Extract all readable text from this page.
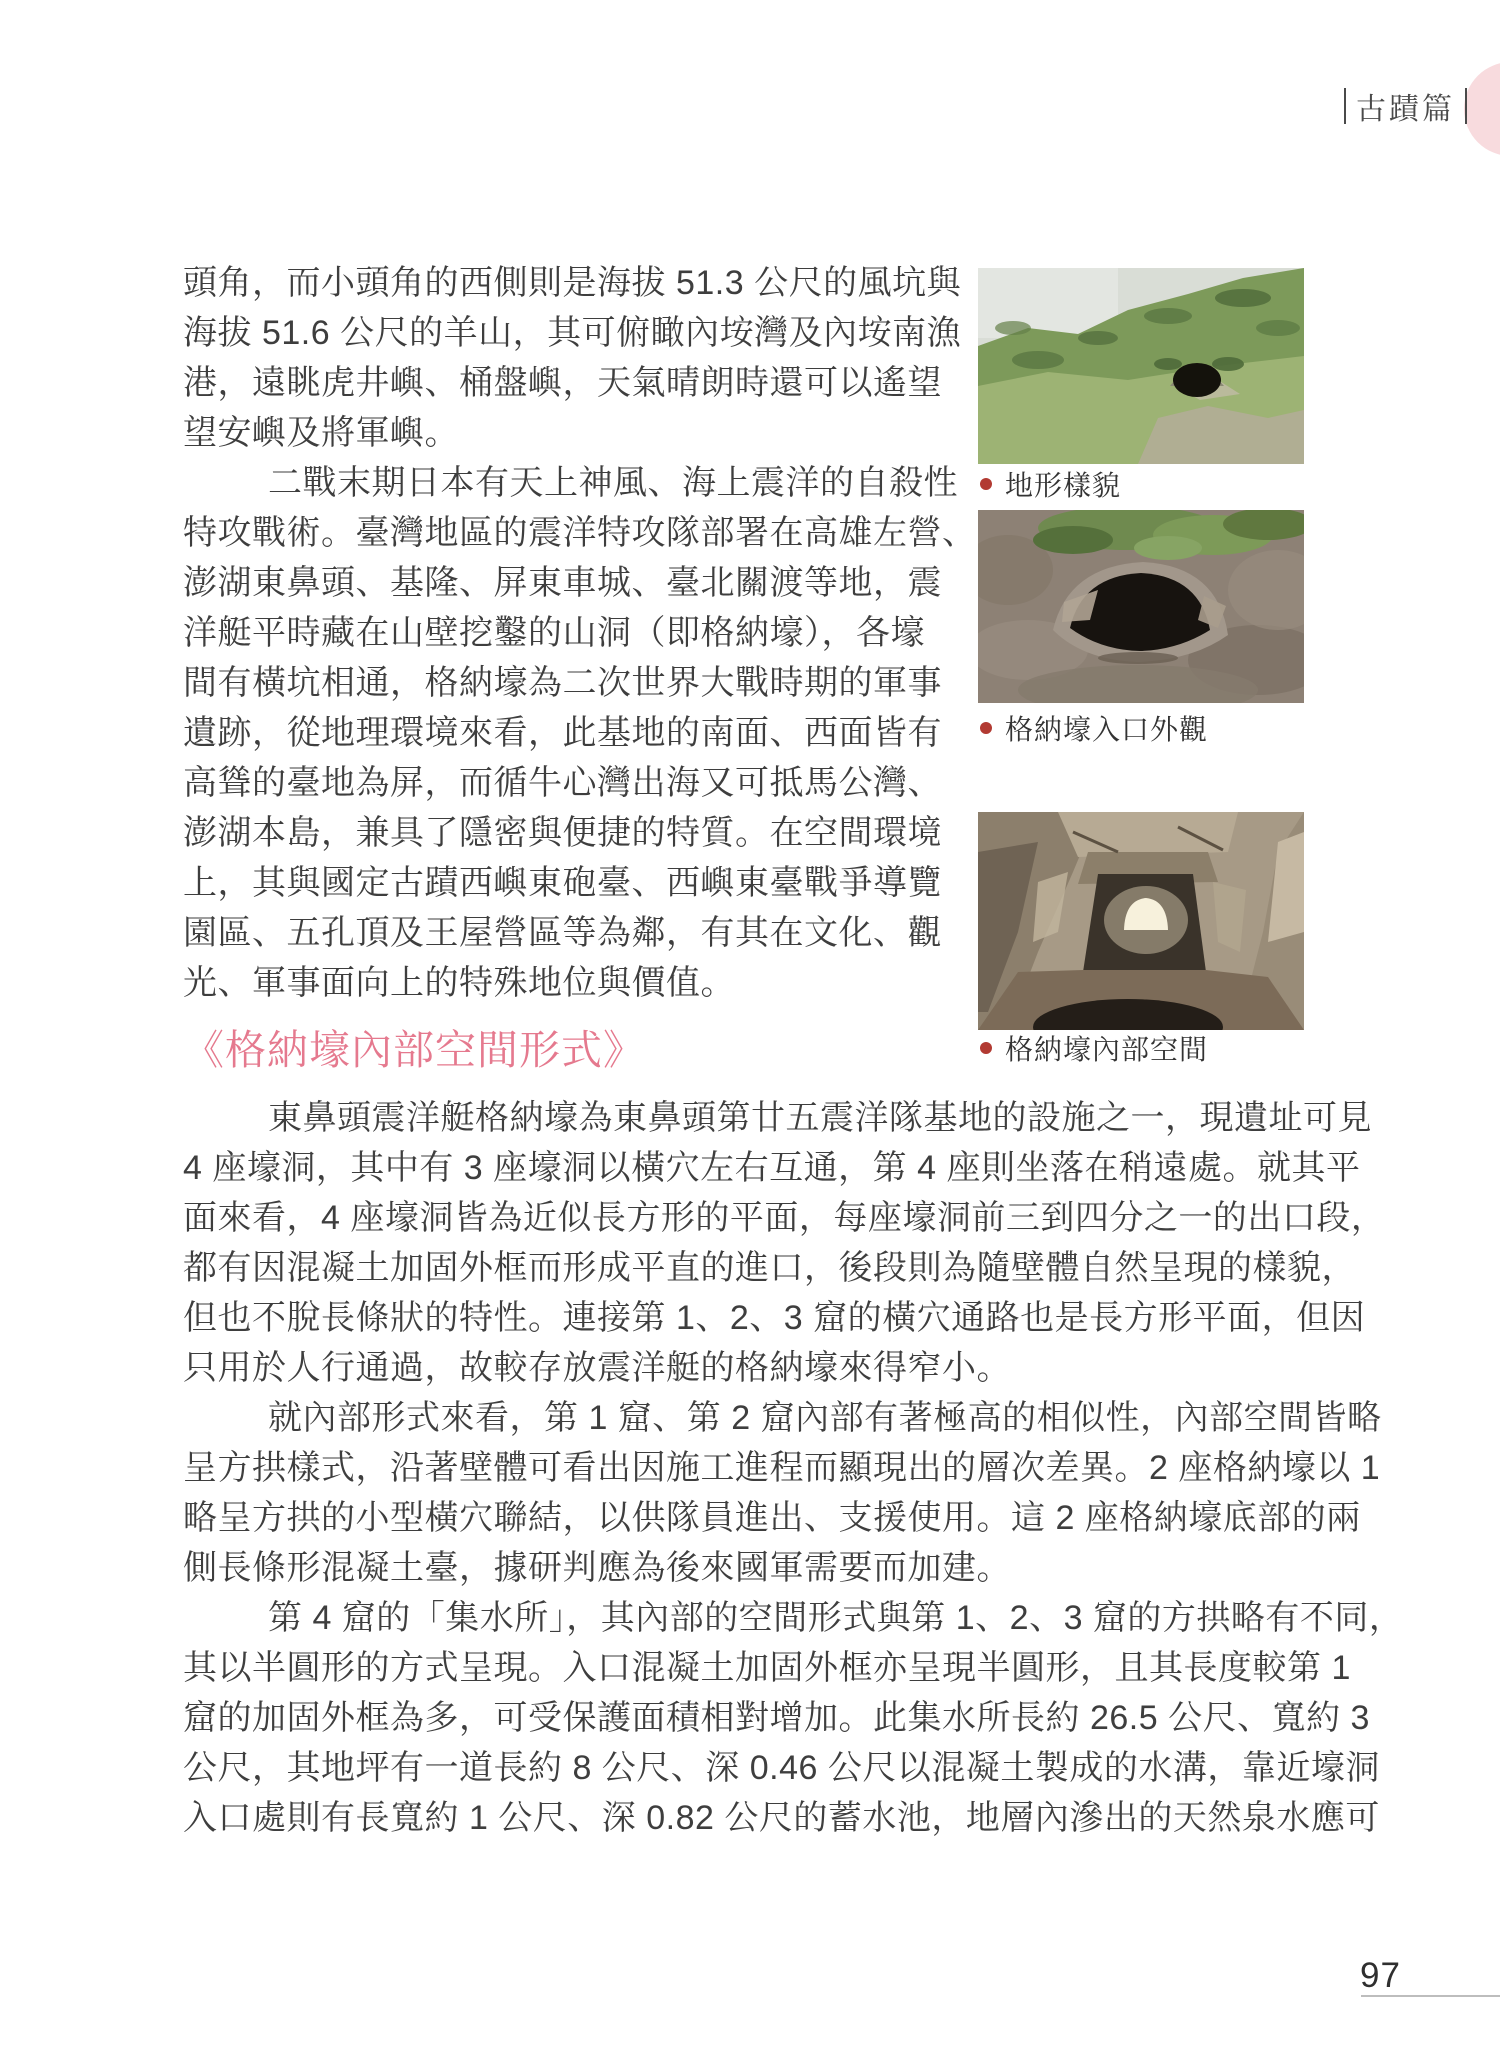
古蹟篇
頭角，而小頭角的西側則是海拔 51.3 公尺的風坑與
海拔 51.6 公尺的羊山，其可俯瞰內垵灣及內垵南漁
港，遠眺虎井嶼、桶盤嶼，天氣晴朗時還可以遙望
望安嶼及將軍嶼。
二戰末期日本有天上神風、海上震洋的自殺性
特攻戰術。臺灣地區的震洋特攻隊部署在高雄左營、
澎湖東鼻頭、基隆、屏東車城、臺北關渡等地，震
洋艇平時藏在山壁挖鑿的山洞（即格納壕），各壕
間有橫坑相通，格納壕為二次世界大戰時期的軍事
遺跡，從地理環境來看，此基地的南面、西面皆有
高聳的臺地為屏，而循牛心灣出海又可抵馬公灣、
澎湖本島，兼具了隱密與便捷的特質。在空間環境
上，其與國定古蹟西嶼東砲臺、西嶼東臺戰爭導覽
園區、五孔頂及王屋營區等為鄰，有其在文化、觀
光、軍事面向上的特殊地位與價值。
地形樣貌
格納壕入口外觀
格納壕內部空間
《格納壕內部空間形式》
東鼻頭震洋艇格納壕為東鼻頭第廿五震洋隊基地的設施之一，現遺址可見
4 座壕洞，其中有 3 座壕洞以橫穴左右互通，第 4 座則坐落在稍遠處。就其平
面來看，4 座壕洞皆為近似長方形的平面，每座壕洞前三到四分之一的出口段，
都有因混凝土加固外框而形成平直的進口，後段則為隨壁體自然呈現的樣貌，
但也不脫長條狀的特性。連接第 1、2、3 窟的橫穴通路也是長方形平面，但因
只用於人行通過，故較存放震洋艇的格納壕來得窄小。
就內部形式來看，第 1 窟、第 2 窟內部有著極高的相似性，內部空間皆略
呈方拱樣式，沿著壁體可看出因施工進程而顯現出的層次差異。2 座格納壕以 1
略呈方拱的小型橫穴聯結，以供隊員進出、支援使用。這 2 座格納壕底部的兩
側長條形混凝土臺，據研判應為後來國軍需要而加建。
第 4 窟的「集水所」，其內部的空間形式與第 1、2、3 窟的方拱略有不同，
其以半圓形的方式呈現。入口混凝土加固外框亦呈現半圓形，且其長度較第 1
窟的加固外框為多，可受保護面積相對增加。此集水所長約 26.5 公尺、寬約 3
公尺，其地坪有一道長約 8 公尺、深 0.46 公尺以混凝土製成的水溝，靠近壕洞
入口處則有長寬約 1 公尺、深 0.82 公尺的蓄水池，地層內滲出的天然泉水應可
97
